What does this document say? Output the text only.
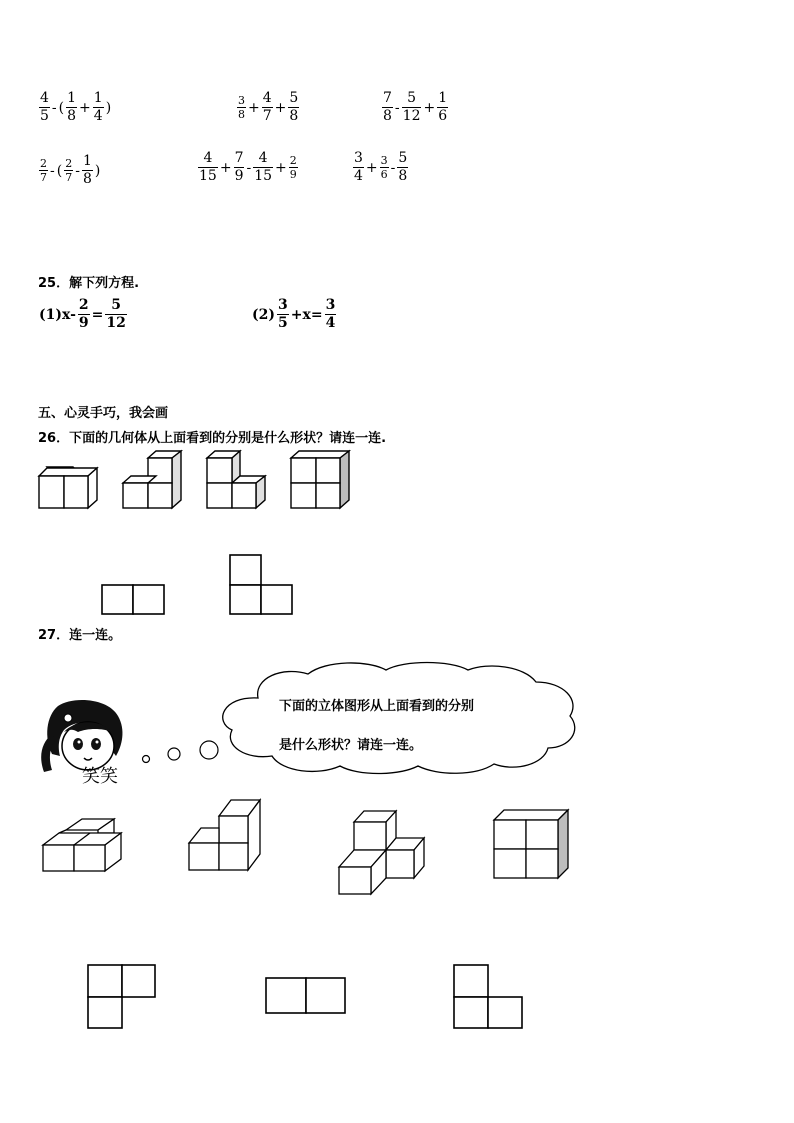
$\frac{4}{5}$ - ( $\frac{1}{8} + \frac{1}{4}$ )	$\frac{3}{8} + \frac{4}{7} + \frac{5}{8}$	$\frac{7}{8} - \frac{5}{12} + \frac{1}{6}$
$\frac{2}{7}$ - ( $\frac{2}{7} - \frac{1}{8}$ )	$\frac{4}{15} + \frac{7}{9} - \frac{4}{15} + \frac{2}{9}$	$\frac{3}{4} + \frac{3}{6} - \frac{5}{8}$
25．解下列方程.
$(1)x- \frac{2}{9} = \frac{5}{12}$	$(2) \frac{3}{5} +x= \frac{3}{4}$
五、心灵手巧，我会画
26．下面的几何体从上面看到的分别是什么形状？请连一连.
27．连一连。
笑笑
下面的立体图形从上面看到的分别
是什么形状？请连一连。
